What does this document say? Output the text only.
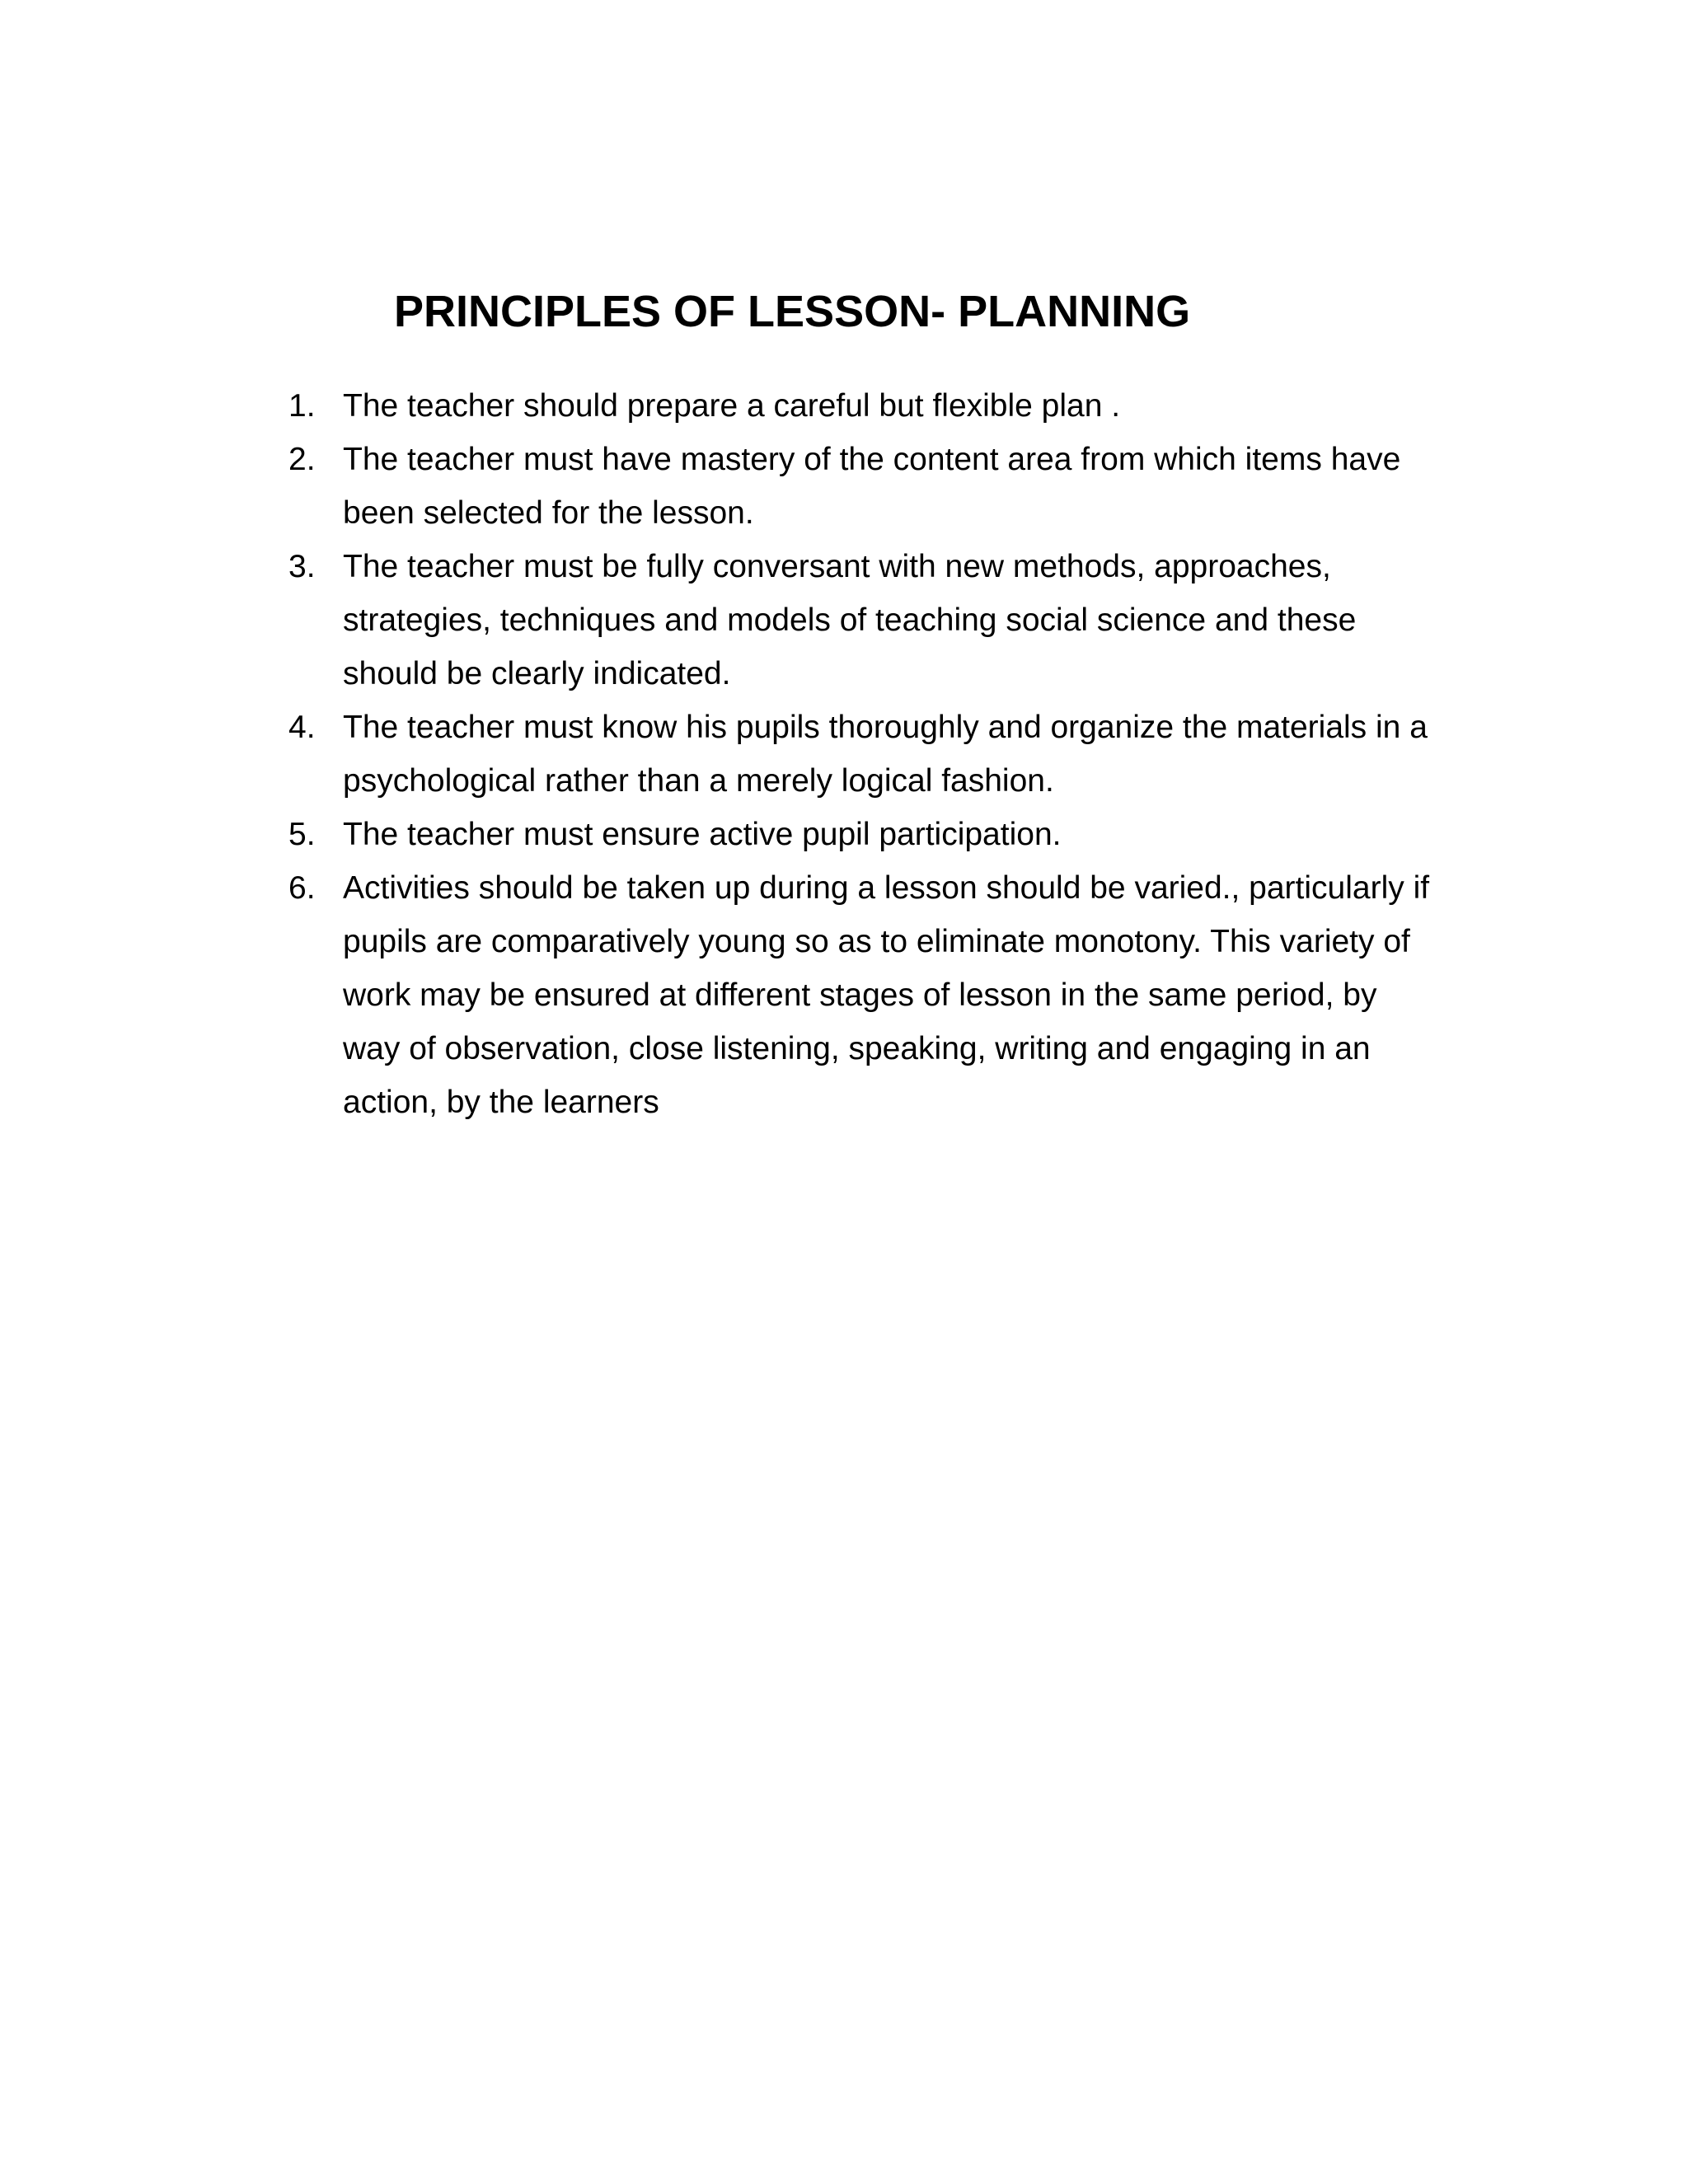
PRINCIPLES OF LESSON- PLANNING
1. The teacher should prepare a careful but flexible plan .
2. The teacher must have mastery of the content area from which items have been selected for the lesson.
3. The teacher must be fully conversant with new methods, approaches, strategies, techniques and models of teaching social science and these should be clearly indicated.
4. The teacher must know his pupils thoroughly and organize the materials in a psychological rather than a merely logical fashion.
5. The teacher must ensure active pupil participation.
6. Activities should be taken up during a lesson should be varied., particularly if pupils are comparatively young so as to eliminate monotony. This variety of work may be ensured at different stages of lesson in the same period, by way of observation, close listening, speaking, writing and engaging in an action, by the learners
